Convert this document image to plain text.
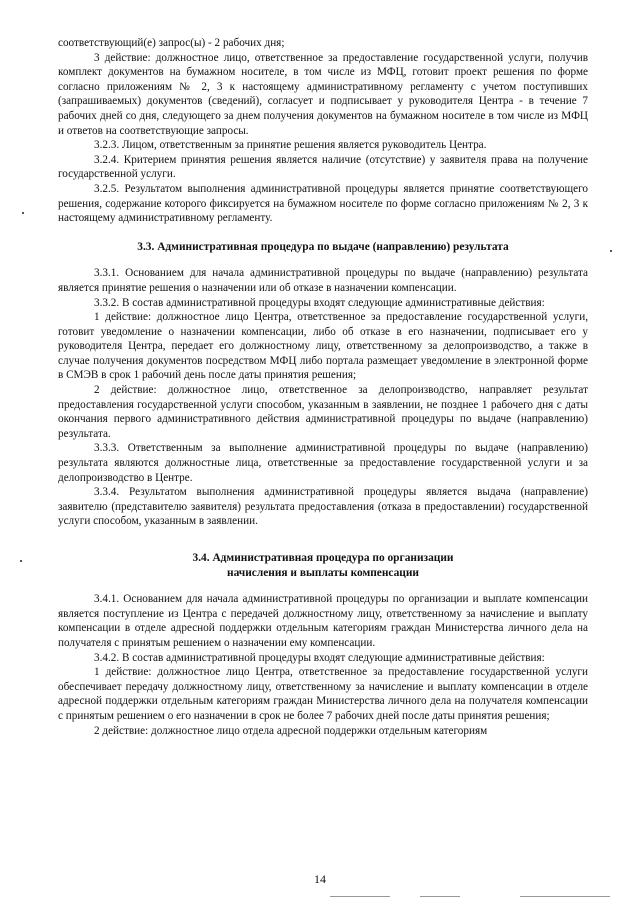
соответствующий(е) запрос(ы) - 2 рабочих дня;

3 действие: должностное лицо, ответственное за предоставление государственной услуги, получив комплект документов на бумажном носителе, в том числе из МФЦ, готовит проект решения по форме согласно приложениям № 2, 3 к настоящему административному регламенту с учетом поступивших (запрашиваемых) документов (сведений), согласует и подписывает у руководителя Центра - в течение 7 рабочих дней со дня, следующего за днем получения документов на бумажном носителе в том числе из МФЦ и ответов на соответствующие запросы.

3.2.3. Лицом, ответственным за принятие решения является руководитель Центра.

3.2.4. Критерием принятия решения является наличие (отсутствие) у заявителя права на получение государственной услуги.

3.2.5. Результатом выполнения административной процедуры является принятие соответствующего решения, содержание которого фиксируется на бумажном носителе по форме согласно приложениям № 2, 3 к настоящему административному регламенту.

3.3. Административная процедура по выдаче (направлению) результата

3.3.1. Основанием для начала административной процедуры по выдаче (направлению) результата является принятие решения о назначении или об отказе в назначении компенсации.

3.3.2. В состав административной процедуры входят следующие административные действия:

1 действие: должностное лицо Центра, ответственное за предоставление государственной услуги, готовит уведомление о назначении компенсации, либо об отказе в его назначении, подписывает его у руководителя Центра, передает его должностному лицу, ответственному за делопроизводство, а также в случае получения документов посредством МФЦ либо портала размещает уведомление в электронной форме в СМЭВ в срок 1 рабочий день после даты принятия решения;

2 действие: должностное лицо, ответственное за делопроизводство, направляет результат предоставления государственной услуги способом, указанным в заявлении, не позднее 1 рабочего дня с даты окончания первого административного действия административной процедуры по выдаче (направлению) результата.

3.3.3. Ответственным за выполнение административной процедуры по выдаче (направлению) результата являются должностные лица, ответственные за предоставление государственной услуги и за делопроизводство в Центре.

3.3.4. Результатом выполнения административной процедуры является выдача (направление) заявителю (представителю заявителя) результата предоставления (отказа в предоставлении) государственной услуги способом, указанным в заявлении.

3.4. Административная процедура по организации
начисления и выплаты компенсации

3.4.1. Основанием для начала административной процедуры по организации и выплате компенсации является поступление из Центра с передачей должностному лицу, ответственному за начисление и выплату компенсации в отделе адресной поддержки отдельным категориям граждан Министерства личного дела на получателя с принятым решением о назначении ему компенсации.

3.4.2. В состав административной процедуры входят следующие административные действия:

1 действие: должностное лицо Центра, ответственное за предоставление государственной услуги обеспечивает передачу должностному лицу, ответственному за начисление и выплату компенсации в отделе адресной поддержки отдельным категориям граждан Министерства личного дела на получателя компенсации с принятым решением о его назначении в срок не более 7 рабочих дней после даты принятия решения;

2 действие: должностное лицо отдела адресной поддержки отдельным категориям

14
